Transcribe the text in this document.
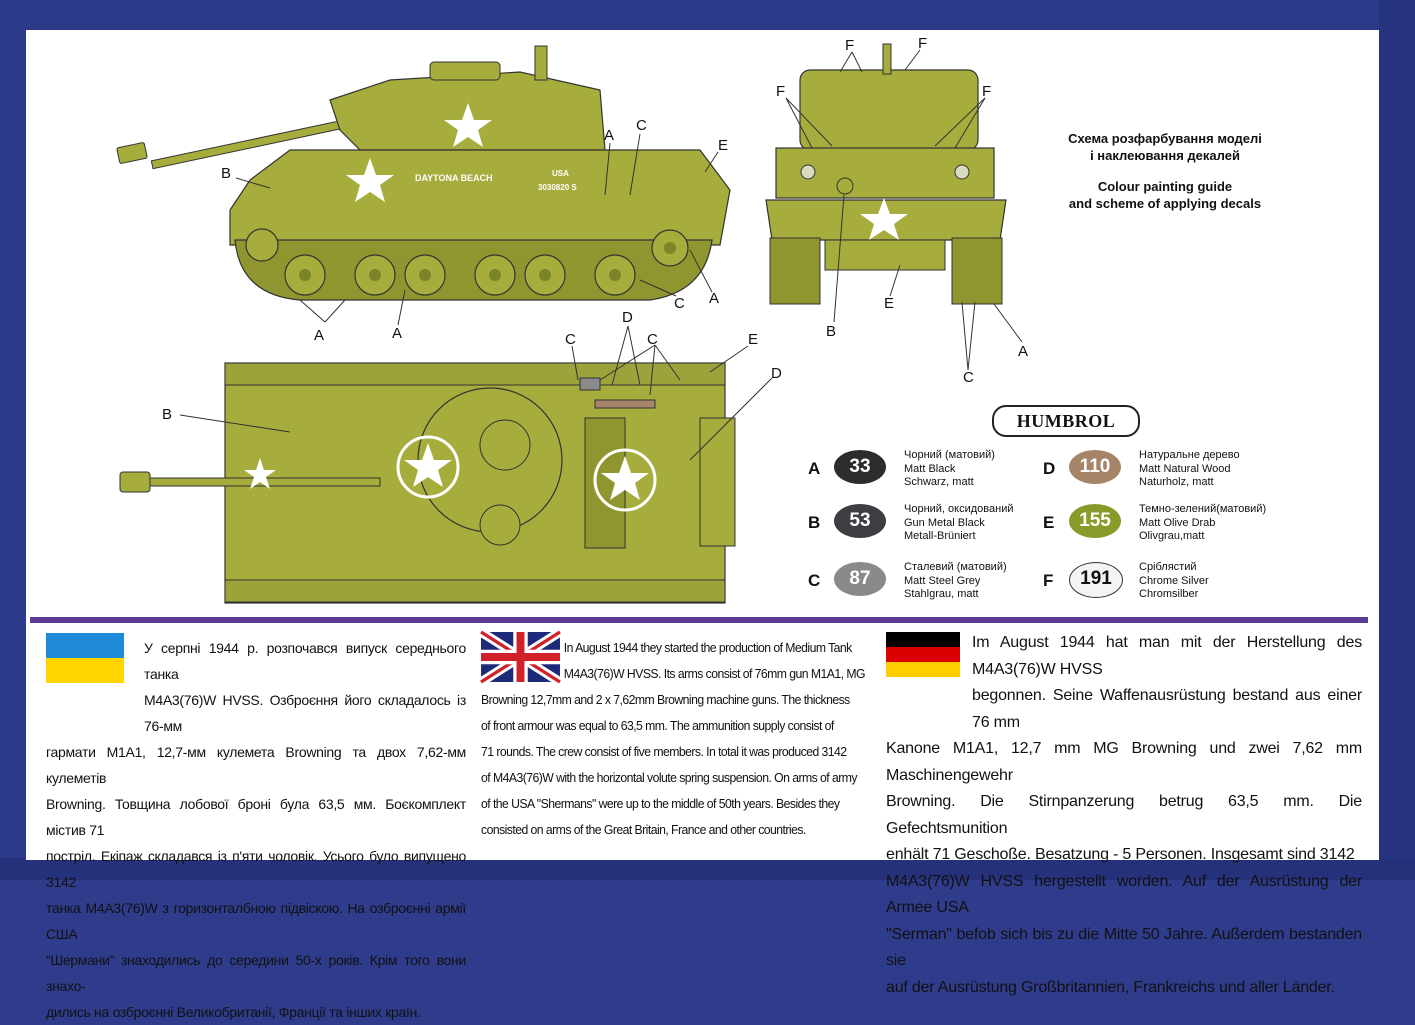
DAYTONA BEACH	USA
3030820 S
B
A
C
E
A	A
C A
F	F
F	F
B
E
C
A
B
C
D
C	E
D
Схема розфарбування моделі
і наклеювання декалей
Colour painting guide
and scheme of applying decals
HUMBROL
A	33
Чорний (матовий)
Matt Black
Schwarz, matt
B	53
Чорний, оксидований
Gun Metal Black
Metall-Brüniert
C	87
Сталевий (матовий)
Matt Steel Grey
Stahlgrau, matt
D	110
Натуральне дерево
Matt Natural Wood
Naturholz, matt
E	155
Темно-зелений(матовий)
Matt Olive Drab
Olivgrau,matt
F	191
Сріблястий
Chrome Silver
Chromsilber
У серпні 1944 р. розпочався випуск середнього танка
M4A3(76)W HVSS. Озброєння його складалось із 76-мм
гармати М1А1, 12,7-мм кулемета Browning та двох 7,62-мм кулеметів
Browning. Товщина лобової броні була 63,5 мм. Боєкомплект містив 71
постріл. Екіпаж складався із п'яти чоловік. Усього було випущено 3142
танка M4A3(76)W з горизонталбною підвіскою. На озброєнні армії США
“Шермани” знаходились до середини 50-х років. Крім того вони знахо-
дились на озброєнні Великобританії, Франції та інших країн.
In August 1944 they started the production of Medium Tank
M4A3(76)W HVSS. Its arms consist of 76mm gun M1A1, MG
Browning 12,7mm and 2 x 7,62mm Browning machine guns. The thickness
of front armour was equal to 63,5 mm. The ammunition supply consist of
71 rounds. The crew consist of five members. In total it was produced 3142
of M4A3(76)W with the horizontal volute spring suspension. On arms of army
of the USA "Shermans" were up to the middle of 50th years. Besides they
consisted on arms of the Great Britain, France and other countries.
Im August 1944 hat man mit der Herstellung des M4A3(76)W HVSS
begonnen. Seine Waffenausrüstung bestand aus einer 76 mm
Kanone M1A1, 12,7 mm MG Browning und zwei 7,62 mm Maschinengewehr
Browning. Die Stirnpanzerung betrug 63,5 mm. Die Gefechtsmunition
enhält 71 Geschoße. Besatzung - 5 Personen. Insgesamt sind 3142
M4A3(76)W HVSS hergestellt worden. Auf der Ausrüstung der Armee USA
"Serman" befob sich bis zu die Mitte 50 Jahre. Außerdem bestanden sie
auf der Ausrüstung Großbritannien, Frankreichs und aller Länder.
